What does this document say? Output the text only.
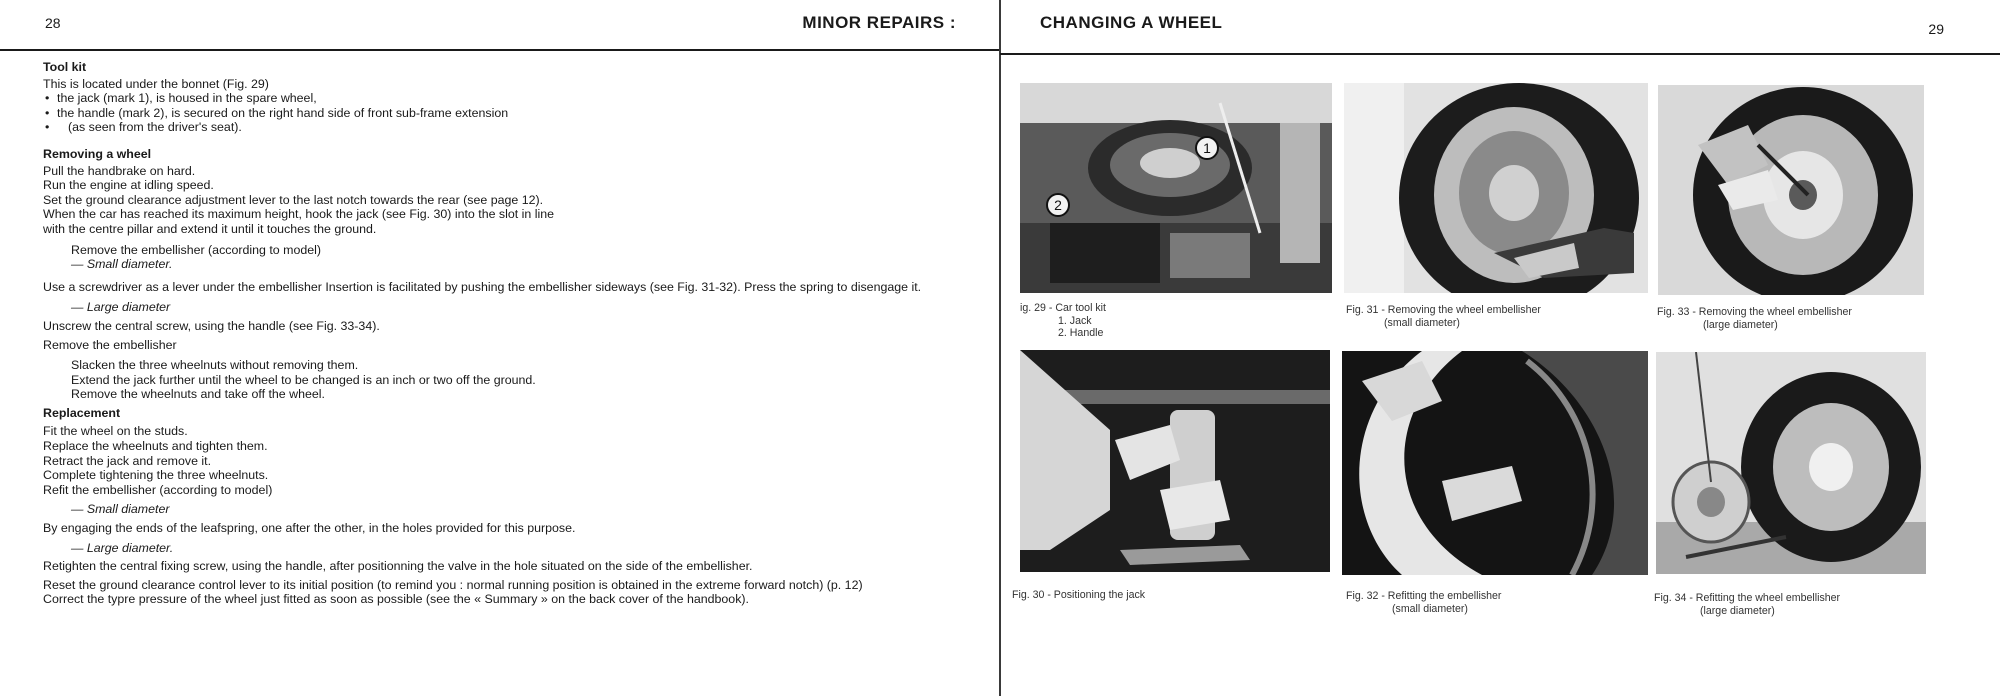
28	MINOR REPAIRS :
Tool kit
This is located under the bonnet (Fig. 29)
• the jack (mark 1), is housed in the spare wheel,
• the handle (mark 2), is secured on the right hand side of front sub-frame extension
• (as seen from the driver's seat).
Removing a wheel
Pull the handbrake on hard.
Run the engine at idling speed.
Set the ground clearance adjustment lever to the last notch towards the rear (see page 12).
When the car has reached its maximum height, hook the jack (see Fig. 30) into the slot in line
with the centre pillar and extend it until it touches the ground.
Remove the embellisher (according to model)
— Small diameter.
Use a screwdriver as a lever under the embellisher Insertion is facilitated by pushing the embellisher sideways (see Fig. 31-32). Press the spring to disengage it.
— Large diameter
Unscrew the central screw, using the handle (see Fig. 33-34).
Remove the embellisher
Slacken the three wheelnuts without removing them.
Extend the jack further until the wheel to be changed is an inch or two off the ground.
Remove the wheelnuts and take off the wheel.
Replacement
Fit the wheel on the studs.
Replace the wheelnuts and tighten them.
Retract the jack and remove it.
Complete tightening the three wheelnuts.
Refit the embellisher (according to model)
— Small diameter
By engaging the ends of the leafspring, one after the other, in the holes provided for this purpose.
— Large diameter.
Retighten the central fixing screw, using the handle, after positionning the valve in the hole situated on the side of the embellisher.
Reset the ground clearance control lever to its initial position (to remind you : normal running position is obtained in the extreme forward notch) (p. 12)
Correct the typre pressure of the wheel just fitted as soon as possible (see the « Summary » on the back cover of the handbook).
CHANGING A WHEEL	29
1
2
ig. 29 - Car tool kit
1. Jack
2. Handle
Fig. 31 - Removing the wheel embellisher
(small diameter)
Fig. 33 - Removing the wheel embellisher
(large diameter)
Fig. 30 - Positioning the jack	Fig. 32 - Refitting the embellisher
(small diameter)
Fig. 34 - Refitting the wheel embellisher
(large diameter)
